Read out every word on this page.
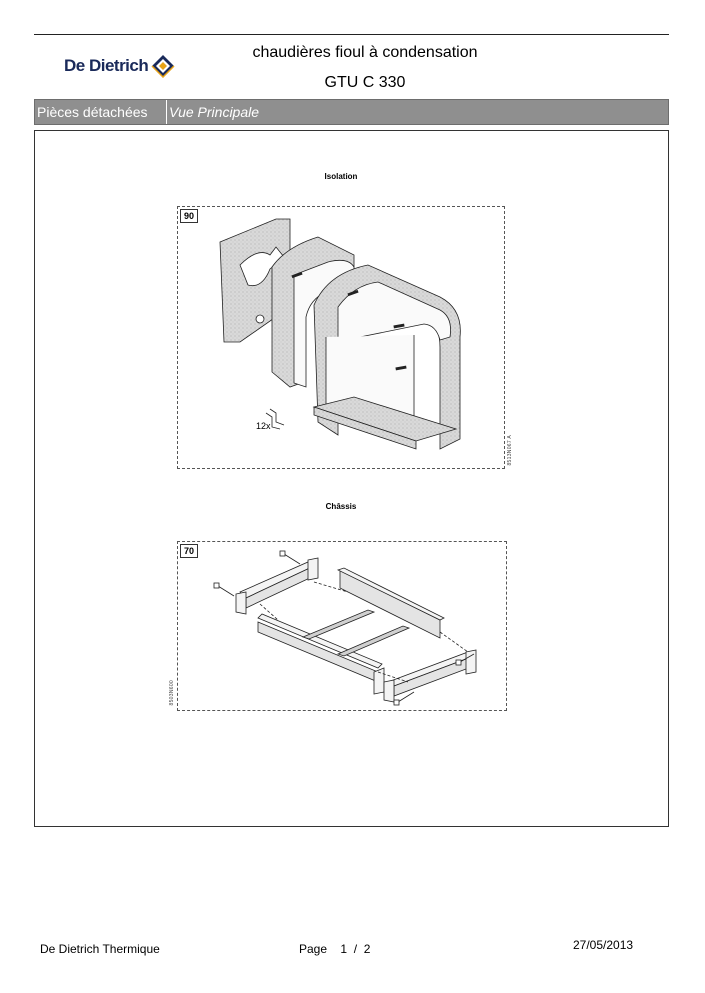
De Dietrich
chaudières fioul à condensation
GTU C 330
Pièces détachées	Vue Principale
Isolation
90
8513N067 A
12x
Châssis
70
8503N600
De Dietrich Thermique	Page 1 / 2	27/05/2013
